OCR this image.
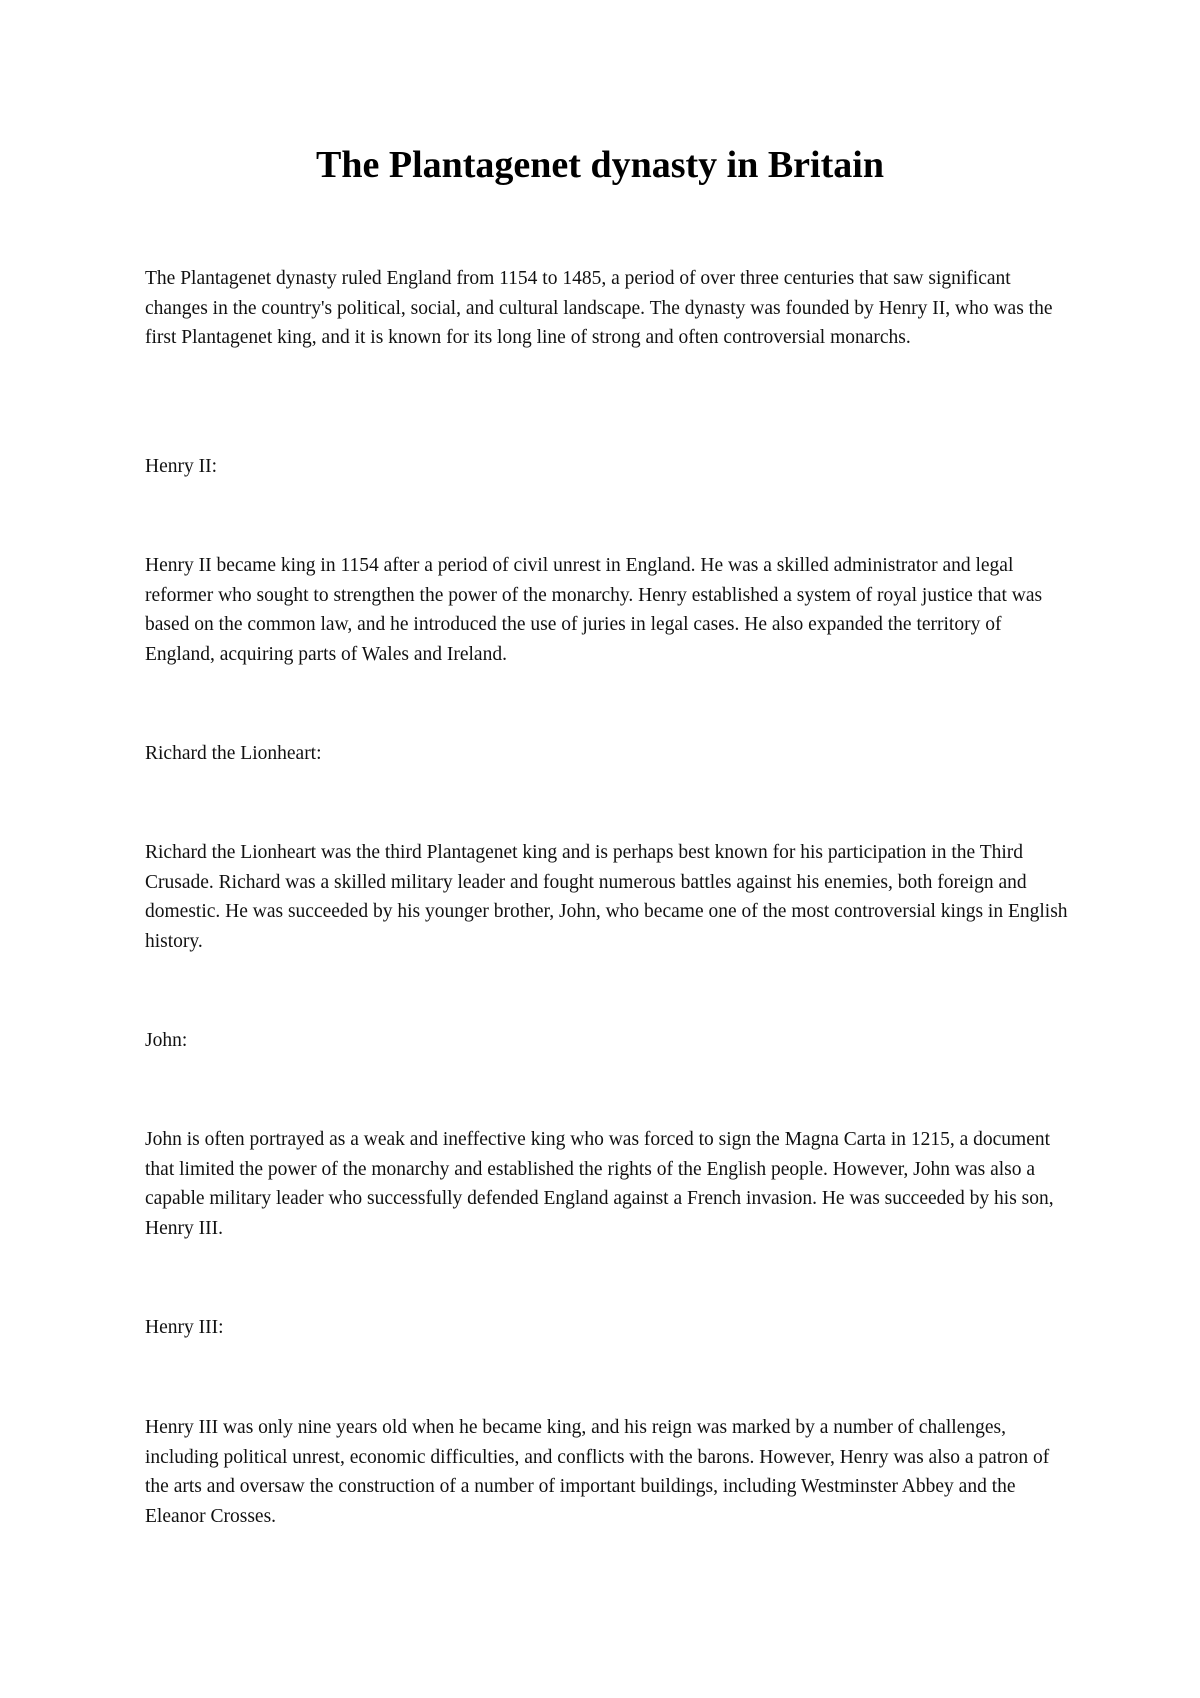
The Plantagenet dynasty in Britain

The Plantagenet dynasty ruled England from 1154 to 1485, a period of over three centuries that saw significant changes in the country's political, social, and cultural landscape. The dynasty was founded by Henry II, who was the first Plantagenet king, and it is known for its long line of strong and often controversial monarchs.

Henry II:

Henry II became king in 1154 after a period of civil unrest in England. He was a skilled administrator and legal reformer who sought to strengthen the power of the monarchy. Henry established a system of royal justice that was based on the common law, and he introduced the use of juries in legal cases. He also expanded the territory of England, acquiring parts of Wales and Ireland.

Richard the Lionheart:

Richard the Lionheart was the third Plantagenet king and is perhaps best known for his participation in the Third Crusade. Richard was a skilled military leader and fought numerous battles against his enemies, both foreign and domestic. He was succeeded by his younger brother, John, who became one of the most controversial kings in English history.

John:

John is often portrayed as a weak and ineffective king who was forced to sign the Magna Carta in 1215, a document that limited the power of the monarchy and established the rights of the English people. However, John was also a capable military leader who successfully defended England against a French invasion. He was succeeded by his son, Henry III.

Henry III:

Henry III was only nine years old when he became king, and his reign was marked by a number of challenges, including political unrest, economic difficulties, and conflicts with the barons. However, Henry was also a patron of the arts and oversaw the construction of a number of important buildings, including Westminster Abbey and the Eleanor Crosses.
